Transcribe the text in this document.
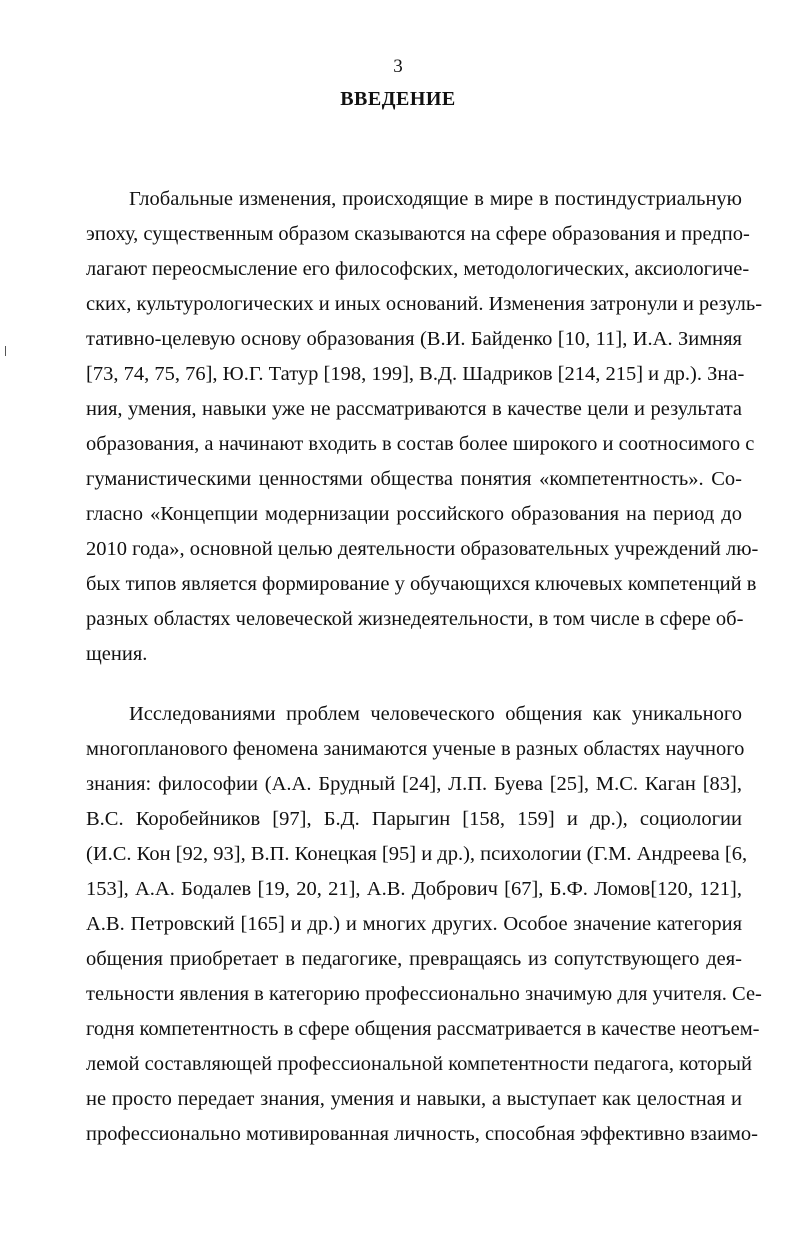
3
ВВЕДЕНИЕ
Глобальные изменения, происходящие в мире в постиндустриальную
эпоху, существенным образом сказываются на сфере образования и предпо-
лагают переосмысление его философских, методологических, аксиологиче-
ских, культурологических и иных оснований. Изменения затронули и резуль-
тативно-целевую основу образования (В.И. Байденко [10, 11], И.А. Зимняя
[73, 74, 75, 76], Ю.Г. Татур [198, 199], В.Д. Шадриков [214, 215] и др.). Зна-
ния, умения, навыки уже не рассматриваются в качестве цели и результата
образования, а начинают входить в состав более широкого и соотносимого с
гуманистическими ценностями общества понятия «компетентность». Со-
гласно «Концепции модернизации российского образования на период до
2010 года», основной целью деятельности образовательных учреждений лю-
бых типов является формирование у обучающихся ключевых компетенций в
разных областях человеческой жизнедеятельности, в том числе в сфере об-
щения.
Исследованиями проблем человеческого общения как уникального
многопланового феномена занимаются ученые в разных областях научного
знания: философии (А.А. Брудный [24], Л.П. Буева [25], М.С. Каган [83],
В.С. Коробейников [97], Б.Д. Парыгин [158, 159] и др.), социологии
(И.С. Кон [92, 93], В.П. Конецкая [95] и др.), психологии (Г.М. Андреева [6,
153], А.А. Бодалев [19, 20, 21], А.В. Добрович [67], Б.Ф. Ломов[120, 121],
А.В. Петровский [165] и др.) и многих других. Особое значение категория
общения приобретает в педагогике, превращаясь из сопутствующего дея-
тельности явления в категорию профессионально значимую для учителя. Се-
годня компетентность в сфере общения рассматривается в качестве неотъем-
лемой составляющей профессиональной компетентности педагога, который
не просто передает знания, умения и навыки, а выступает как целостная и
профессионально мотивированная личность, способная эффективно взаимо-
